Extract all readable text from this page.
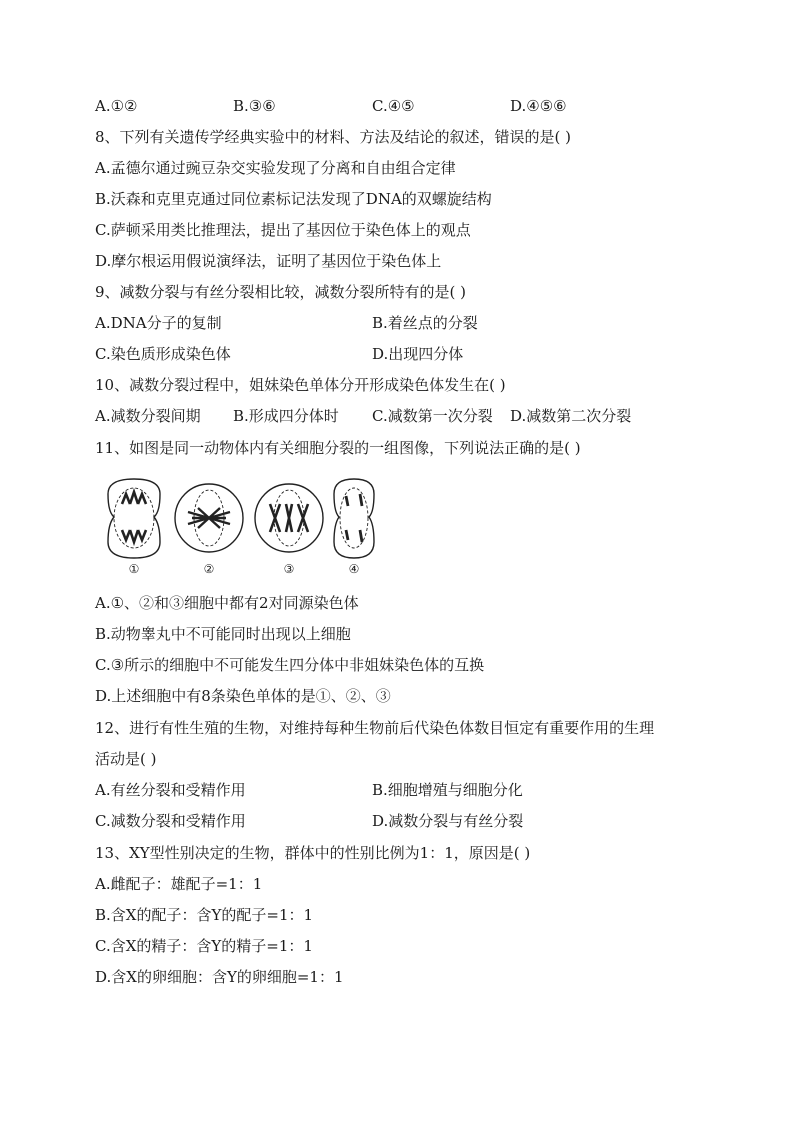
A.①②	B.③⑥	C.④⑤	D.④⑤⑥
8、下列有关遗传学经典实验中的材料、方法及结论的叙述，错误的是( )
A.孟德尔通过豌豆杂交实验发现了分离和自由组合定律
B.沃森和克里克通过同位素标记法发现了DNA的双螺旋结构
C.萨顿采用类比推理法，提出了基因位于染色体上的观点
D.摩尔根运用假说演绎法，证明了基因位于染色体上
9、减数分裂与有丝分裂相比较，减数分裂所特有的是( )
A.DNA分子的复制	B.着丝点的分裂
C.染色质形成染色体	D.出现四分体
10、减数分裂过程中，姐妹染色单体分开形成染色体发生在( )
A.减数分裂间期 B.形成四分体时 C.减数第一次分裂 D.减数第二次分裂
11、如图是同一动物体内有关细胞分裂的一组图像，下列说法正确的是( )
①	②	③	④
A.①、②和③细胞中都有2对同源染色体
B.动物睾丸中不可能同时出现以上细胞
C.③所示的细胞中不可能发生四分体中非姐妹染色体的互换
D.上述细胞中有8条染色单体的是①、②、③
12、进行有性生殖的生物，对维持每种生物前后代染色体数目恒定有重要作用的生理
活动是( )
A.有丝分裂和受精作用	B.细胞增殖与细胞分化
C.减数分裂和受精作用	D.减数分裂与有丝分裂
13、XY型性别决定的生物，群体中的性别比例为1：1，原因是( )
A.雌配子：雄配子=1：1
B.含X的配子：含Y的配子=1：1
C.含X的精子：含Y的精子=1：1
D.含X的卵细胞：含Y的卵细胞=1：1
